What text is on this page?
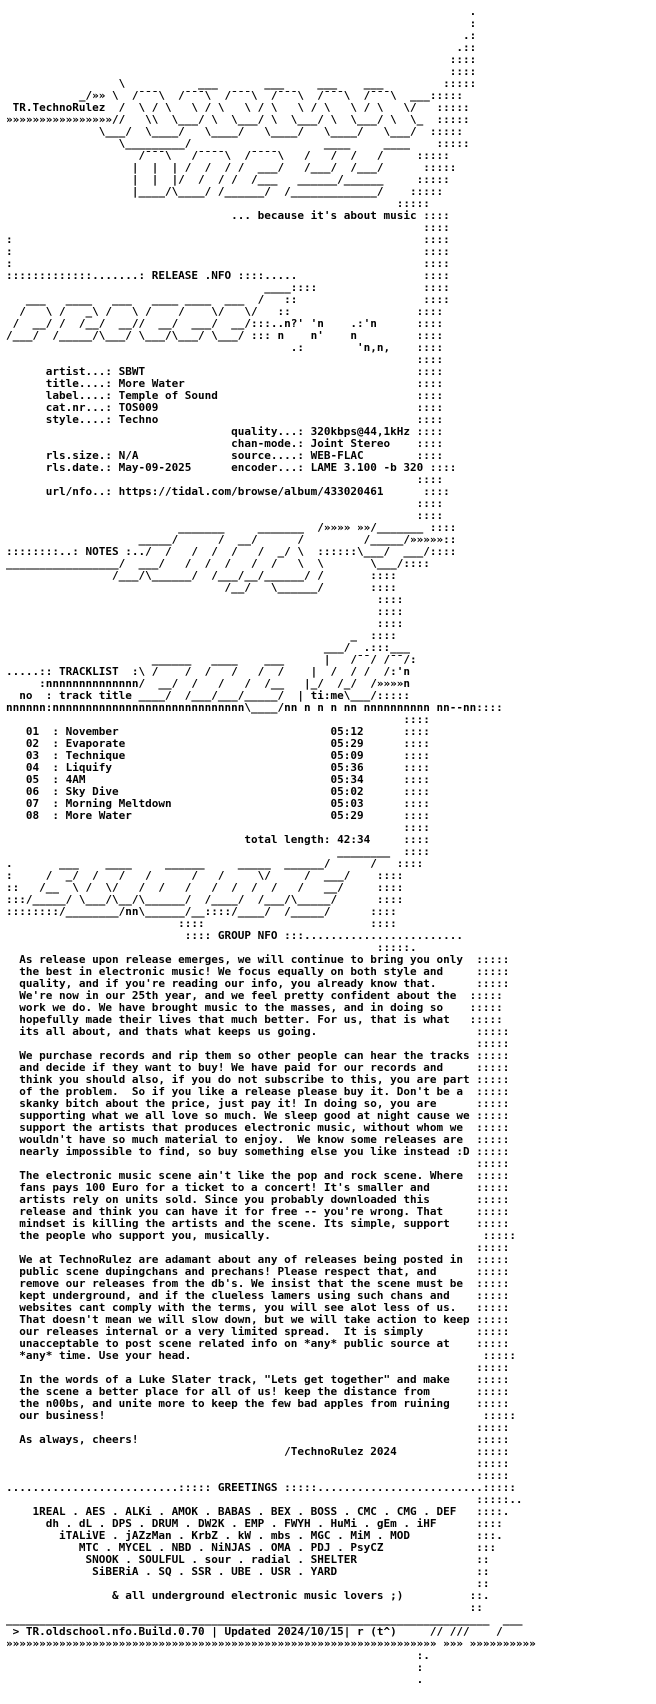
.
:
.:
.::
::::
::::
\           ___       ___     ___    ___         :::::
_/»» \  /¯¯¯\  /¯¯¯\  /¯¯¯\  /¯¯¯\  /¯¯¯\  /¯¯¯\  ___:::::
TR.TechnoRulez  /  \ / \   \ / \   \ / \   \ / \   \ / \   \/   :::::
»»»»»»»»»»»»»»»»//   \\  \___/ \  \___/ \  \___/ \  \___/ \  \_  :::::
\___/  \____/   \____/   \____/   \____/   \___/  :::::
\_________/                    ____     ____    :::::
/¯¯¯\   /¯¯¯¯\  /¯¯¯¯\   /   /  /   /     :::::
|  |  | /  /  / /  ___/   /___/  /___/      :::::
|  |  |/  /  / /  /___   ______/______     :::::
|____/\____/ /______/  /_____________/    :::::
:::::
... because it's about music ::::
::::
:                                                              ::::
:                                                              ::::
:                                                              ::::
:::::::::::::.......: RELEASE .NFO ::::.....                   ::::
____::::                ::::
___   ____   ___   ____ ____  ___  /   ::                   ::::
/   \ /   _\ /   \ /    /    \/   \/   ::                   ::::
/  __/ /  /__/  __//  __/  ___/  __/:::..n?' 'n    .:'n      ::::
/___/  /_____/\___/ \___/\___/ \___/ ::: n    n'    n         ::::
.:        'n,n,    ::::
::::
artist...: SBWT                                         ::::
title....: More Water                                   ::::
label....: Temple of Sound                              ::::
cat.nr...: TOS009                                       ::::
style....: Techno                                       ::::
quality...: 320kbps@44,1kHz ::::
chan-mode.: Joint Stereo    ::::
rls.size.: N/A              source....: WEB-FLAC        ::::
rls.date.: May-09-2025      encoder...: LAME 3.100 -b 320 ::::
::::
url/nfo..: https://tidal.com/browse/album/433020461      ::::
::::
::::
_______     _______  /»»»» »»/_______ ::::
_____/      /  __/      /         /_____/»»»»»::
::::::::..: NOTES :../  /   /  /  /   /  _/ \  ::::::\___/  ___/::::
_________________/  ___/   /  /  /   /  /   \  \       \___/::::
/___/\______/  /___/__/______/ /       ::::
/__/   \______/       ::::
::::
::::
::::
_  ::::
___/  .:::___
______   ____    ___      |   /¯¯/ /¯¯/:
.....:: TRACKLIST  :\ /    /  /   /   /  /    |  /  / /  /:'n
:nnnnnnnnnnnnnn/  __/  /   /   /  /__   |_/  /_/  /»»»»n
no  : track title ____/  /___/___/_____/  | ti:me\___/:::::
nnnnnn:nnnnnnnnnnnnnnnnnnnnnnnnnnnnn\____/nn n n n nn nnnnnnnnnn nn--nn::::
::::
01  : November                                05:12      ::::
02  : Evaporate                               05:29      ::::
03  : Technique                               05:09      ::::
04  : Liquify                                 05:36      ::::
05  : 4AM                                     05:34      ::::
06  : Sky Dive                                05:02      ::::
07  : Morning Meltdown                        05:03      ::::
08  : More Water                              05:29      ::::
::::
total length: 42:34     ::::
________  ::::
.       ___    ____     ______     _____  ______/      /   ::::
:     /  _/  /   /   /      /   /     \/     /  ___/    ::::
::   /__  \ /  \/   /  /   /   /  /  /  /   /   __/     ::::
:::/_____/ \___/\__/\______/  /____/  /___/\_____/      ::::
::::::::/________/nn\______/__::::/____/  /_____/      ::::
::::                         ::::
:::: GROUP NFO :::........................
:::::.
As release upon release emerges, we will continue to bring you only  :::::
the best in electronic music! We focus equally on both style and     :::::
quality, and if you're reading our info, you already know that.      :::::
We're now in our 25th year, and we feel pretty confident about the  :::::
work we do. We have brought music to the masses, and in doing so    :::::
hopefully made their lives that much better. For us, that is what   :::::
its all about, and thats what keeps us going.                        :::::
:::::
We purchase records and rip them so other people can hear the tracks :::::
and decide if they want to buy! We have paid for our records and     :::::
think you should also, if you do not subscribe to this, you are part :::::
of the problem.  So if you like a release please buy it. Don't be a  :::::
skanky bitch about the price, just pay it! In doing so, you are      :::::
supporting what we all love so much. We sleep good at night cause we :::::
support the artists that produces electronic music, without whom we  :::::
wouldn't have so much material to enjoy.  We know some releases are  :::::
nearly impossible to find, so buy something else you like instead :D :::::
:::::
The electronic music scene ain't like the pop and rock scene. Where  :::::
fans pays 100 Euro for a ticket to a concert! It's smaller and       :::::
artists rely on units sold. Since you probably downloaded this       :::::
release and think you can have it for free -- you're wrong. That     :::::
mindset is killing the artists and the scene. Its simple, support    :::::
the people who support you, musically.                                :::::
:::::
We at TechnoRulez are adamant about any of releases being posted in  :::::
public scene dupingchans and prechans! Please respect that, and      :::::
remove our releases from the db's. We insist that the scene must be  :::::
kept underground, and if the clueless lamers using such chans and    :::::
websites cant comply with the terms, you will see alot less of us.   :::::
That doesn't mean we will slow down, but we will take action to keep :::::
our releases internal or a very limited spread.  It is simply        :::::
unacceptable to post scene related info on *any* public source at    :::::
*any* time. Use your head.                                            :::::
:::::
In the words of a Luke Slater track, "Lets get together" and make    :::::
the scene a better place for all of us! keep the distance from       :::::
the n00bs, and unite more to keep the few bad apples from ruining    :::::
our business!                                                         :::::
:::::
As always, cheers!                                                   :::::
/TechnoRulez 2024            :::::
:::::
:::::
..........................::::: GREETINGS :::::.........................:::::
:::::..
1REAL . AES . ALKi . AMOK . BABAS . BEX . BOSS . CMC . CMG . DEF   ::::.
dh . dL . DPS . DRUM . DW2K . EMP . FWYH . HuMi . gEm . iHF      ::::
iTALiVE . jAZzMan . KrbZ . kW . mbs . MGC . MiM . MOD          :::.
MTC . MYCEL . NBD . NiNJAS . OMA . PDJ . PsyCZ              :::
SNOOK . SOULFUL . sour . radial . SHELTER                  ::
SiBERiA . SQ . SSR . UBE . USR . YARD                     ::
::
& all underground electronic music lovers ;)          ::.
::
_________________________________________________________________________  ___
> TR.oldschool.nfo.Build.0.70 | Updated 2024/10/15| r (t^)     // ///    /
»»»»»»»»»»»»»»»»»»»»»»»»»»»»»»»»»»»»»»»»»»»»»»»»»»»»»»»»»»»»»»»»» »»» »»»»»»»»»»
:.
:
.
